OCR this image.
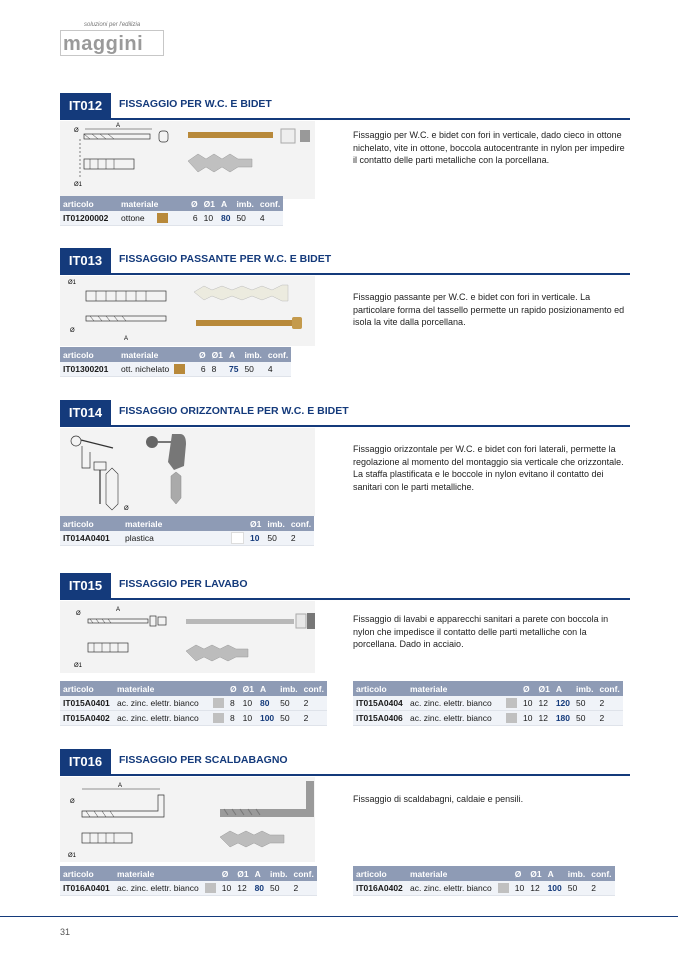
soluzioni per l'edilizia
maggini
IT012	FISSAGGIO PER W.C. E BIDET
Ø
A
Ø1
Fissaggio per W.C. e bidet con fori in verticale, dado cieco in ottone nichelato, vite in ottone, boccola autocentrante in nylon per impedire il contatto delle parti metalliche con la porcellana.
articolo	materiale	Ø	Ø1	A	imb.	conf.
IT01200002	ottone	6	10	80	50	4
IT013	FISSAGGIO PASSANTE PER W.C. E BIDET
Ø1
Ø
A
Fissaggio passante per W.C. e bidet con fori in verticale. La particolare forma del tassello permette un rapido posizionamento ed isola la vite dalla porcellana.
articolo	materiale	Ø	Ø1	A	imb.	conf.
IT01300201	ott. nichelato	6	8	75	50	4
IT014	FISSAGGIO ORIZZONTALE PER W.C. E BIDET
Ø
Fissaggio orizzontale per W.C. e bidet con fori laterali, permette la regolazione al momento del montaggio sia verticale che orizzontale. La staffa plastificata e le boccole in nylon evitano il contatto dei sanitari con le parti metalliche.
articolo	materiale		Ø1	imb.	conf.
IT014A0401	plastica		10	50	2
IT015	FISSAGGIO PER LAVABO
Ø
A
Ø1
Fissaggio di lavabi e apparecchi sanitari a parete con boccola in nylon che impedisce il contatto delle parti metalliche con la porcellana. Dado in acciaio.
articolo	materiale		Ø	Ø1	A	imb.	conf.
IT015A0401	ac. zinc. elettr. bianco		8	10	80	50	2
IT015A0402	ac. zinc. elettr. bianco		8	10	100	50	2
articolo	materiale		Ø	Ø1	A	imb.	conf.
IT015A0404	ac. zinc. elettr. bianco		10	12	120	50	2
IT015A0406	ac. zinc. elettr. bianco		10	12	180	50	2
IT016	FISSAGGIO PER SCALDABAGNO
A
Ø
Ø1
Fissaggio di scaldabagni, caldaie e pensili.
articolo	materiale		Ø	Ø1	A	imb.	conf.
IT016A0401	ac. zinc. elettr. bianco		10	12	80	50	2
articolo	materiale		Ø	Ø1	A	imb.	conf.
IT016A0402	ac. zinc. elettr. bianco		10	12	100	50	2
31
